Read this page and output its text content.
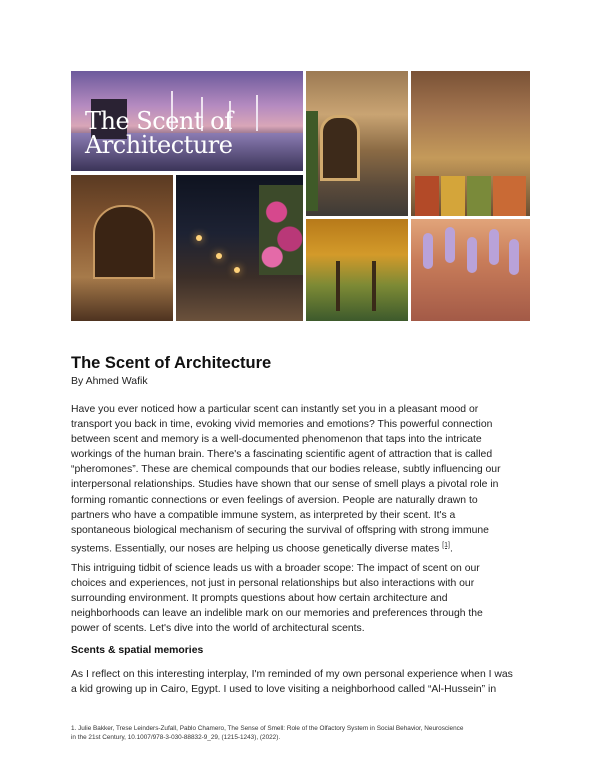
The Scent of
Architecture
The Scent of Architecture
By Ahmed Wafik
Have you ever noticed how a particular scent can instantly set you in a pleasant mood or
transport you back in time, evoking vivid memories and emotions? This powerful connection
between scent and memory is a well-documented phenomenon that taps into the intricate
workings of the human brain. There's a fascinating scientific agent of attraction that is called
“pheromones”. These are chemical compounds that our bodies release, subtly influencing our
interpersonal relationships. Studies have shown that our sense of smell plays a pivotal role in
forming romantic connections or even feelings of aversion. People are naturally drawn to
partners who have a compatible immune system, as interpreted by their scent. It's a
spontaneous biological mechanism of securing the survival of offspring with strong immune
systems. Essentially, our noses are helping us choose genetically diverse mates [1].
This intriguing tidbit of science leads us with a broader scope: The impact of scent on our
choices and experiences, not just in personal relationships but also interactions with our
surrounding environment. It prompts questions about how certain architecture and
neighborhoods can leave an indelible mark on our memories and preferences through the
power of scents. Let's dive into the world of architectural scents.
Scents & spatial memories
As I reflect on this interesting interplay, I'm reminded of my own personal experience when I was
a kid growing up in Cairo, Egypt. I used to love visiting a neighborhood called “Al-Hussein” in
1. Julie Bakker, Trese Leinders-Zufall, Pablo Chamero, The Sense of Smell: Role of the Olfactory System in Social Behavior, Neuroscience
in the 21st Century, 10.1007/978-3-030-88832-9_29, (1215-1243), (2022).
